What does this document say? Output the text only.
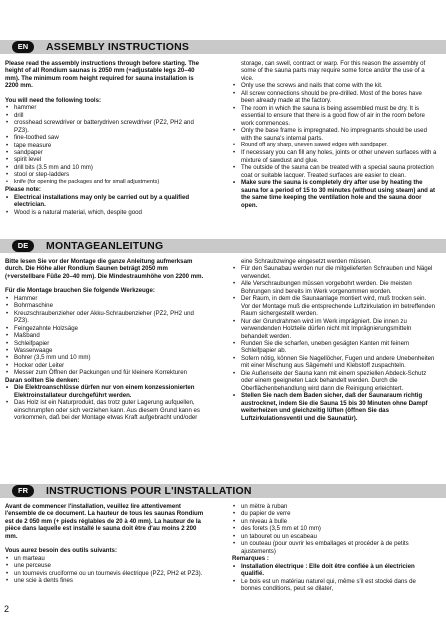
EN	ASSEMBLY INSTRUCTIONS

Please read the assembly instructions through before starting. The height of all Rondium saunas is 2050 mm (+adjustable legs 20–40 mm). The minimum room height required for sauna installation is 2200 mm.

You will need the following tools:

• hammer
• drill
• crosshead screwdriver or batterydriven screwdriver (PZ2, PH2 and PZ3).
• fine-toothed saw
• tape measure
• sandpaper
• spirit level
• drill bits (3.5 mm and 10 mm)
• stool or step-ladders
• knife (for opening the packages and for small adjustments)

Please note:

• Electrical installations may only be carried out by a qualified electrician.
• Wood is a natural material, which, despite good

storage, can swell, contract or warp. For this reason the assembly of some of the sauna parts may require some force and/or the use of a vice.

• Only use the screws and nails that come with the kit.
• All screw connections should be pre-drilled. Most of the bores have been already made at the factory.
• The room in which the sauna is being assembled must be dry. It is essential to ensure that there is a good flow of air in the room before work commences.
• Only the base frame is impregnated. No impregnants should be used with the sauna's internal parts.
• Round off any sharp, uneven sawed edges with sandpaper.
• If necessary you can fill any holes, joints or other uneven surfaces with a mixture of sawdust and glue.
• The outside of the sauna can be treated with a special sauna protection coat or suitable lacquer. Treated surfaces are easier to clean.
• Make sure the sauna is completely dry after use by heating the sauna for a period of 15 to 30 minutes (without using steam) and at the same time keeping the ventilation hole and the sauna door open.
DE	MONTAGEANLEITUNG

Bitte lesen Sie vor der Montage die ganze Anleitung aufmerksam durch. Die Höhe aller Rondium Saunen beträgt 2050 mm (+verstellbare Füße 20–40 mm). Die Mindestraumhöhe von 2200 mm.

Für die Montage brauchen Sie folgende Werkzeuge:

• Hammer
• Bohrmaschine
• Kreuzschraubenzieher oder Akku-Schraubenzieher (PZ2, PH2 und PZ3).
• Feingezahnte Holzsäge
• Maßband
• Schleifpapier
• Wasserwaage
• Bohrer (3,5 mm und 10 mm)
• Hocker oder Leiter
• Messer zum Öffnen der Packungen und für kleinere Korrekturen

Daran sollten Sie denken:

• Die Elektroanschlüsse dürfen nur von einem konzessionierten Elektroinstallateur durchgeführt werden.
• Das Holz ist ein Naturprodukt, das trotz guter Lagerung aufquellen, einschrumpfen oder sich verziehen kann. Aus diesem Grund kann es vorkommen, daß bei der Montage etwas Kraft aufgebracht und/oder

eine Schraubzwinge eingesetzt werden müssen.

• Für den Saunabau werden nur die mitgelieferten Schrauben und Nägel verwendet.
• Alle Verschraubungen müssen vorgebohrt werden. Die meisten Bohrungen sind bereits im Werk vorgenommen worden.
• Der Raum, in dem die Saunaanlage montiert wird, muß trocken sein. Vor der Montage muß die entsprechende Luftzirkulation im betreffenden Raum sichergestellt werden.
• Nur der Grundrahmen wird im Werk imprägniert. Die innen zu verwendenden Holzteile dürfen nicht mit Imprägnierungsmitteln behandelt werden.
• Runden Sie die scharfen, uneben gesägten Kanten mit feinem Schleifpapier ab.
• Sofern nötig, können Sie Nagellöcher, Fugen und andere Unebenheiten mit einer Mischung aus Sägemehl und Klebstoff zuspachteln.
• Die Außenseite der Sauna kann mit einem speziellen Abdeck-Schutz oder einem geeigneten Lack behandelt werden. Durch die Oberflächenbehandlung wird dann die Reinigung erleichtert.
• Stellen Sie nach dem Baden sicher, daß der Saunaraum richtig austrocknet, indem Sie die Sauna 15 bis 30 Minuten ohne Dampf weiterheizen und gleichzeitig lüften (öffnen Sie das Luftzirkulationsventil und die Saunatür).
FR	INSTRUCTIONS POUR L'INSTALLATION

Avant de commencer l'installation, veuillez lire attentivement l'ensemble de ce document. La hauteur de tous les saunas Rondium est de 2 050 mm (+ pieds réglables de 20 à 40 mm). La hauteur de la pièce dans laquelle est installé le sauna doit être d'au moins 2 200 mm.

Vous aurez besoin des outils suivants:

• un marteau
• une perceuse
• un tournevis cruciforme ou un tournevis électrique (PZ2, PH2 et PZ3).
• une scie à dents fines
• un mètre à ruban
• du papier de verre
• un niveau à bulle
• des forets (3,5 mm et 10 mm)
• un tabouret ou un escabeau
• un couteau (pour ouvrir les emballages et procéder à de petits ajustements)

Remarques :

• Installation électrique : Elle doit être confiée à un électricien qualifié.
• Le bois est un matériau naturel qui, même s'il est stocké dans de bonnes conditions, peut se dilater,
2
